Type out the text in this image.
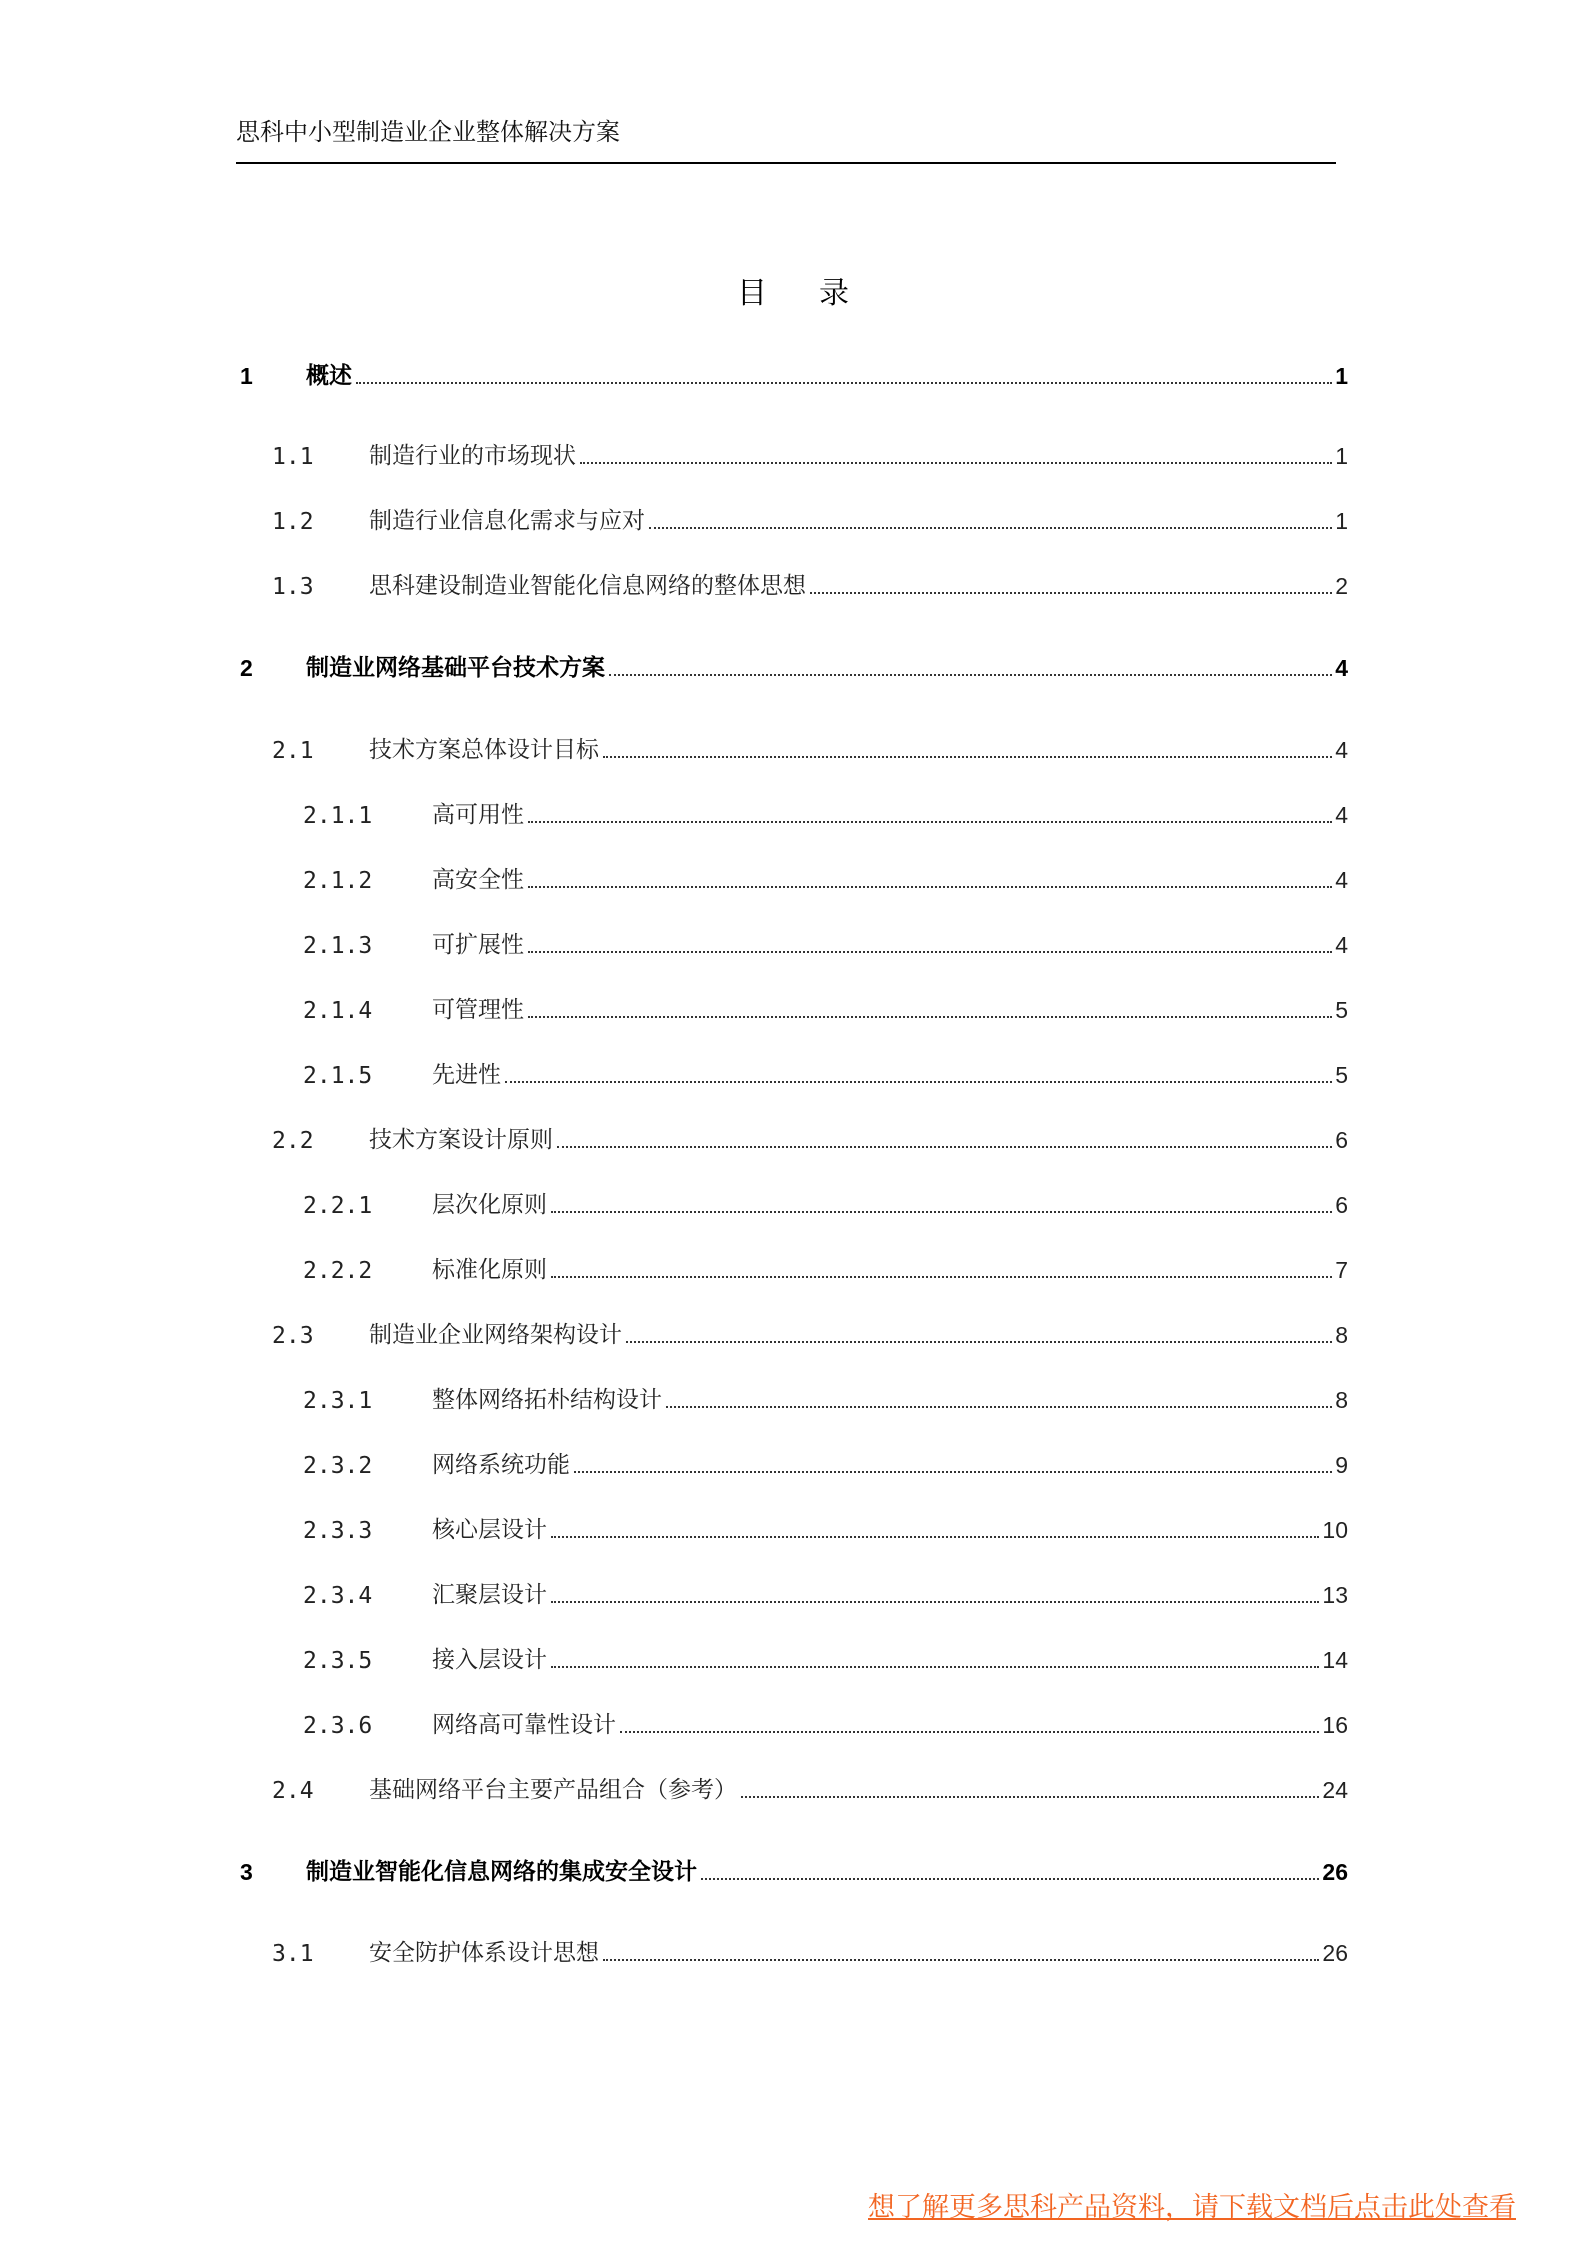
思科中小型制造业企业整体解决方案
目 录
1 概述	1
1.1 制造行业的市场现状	1
1.2 制造行业信息化需求与应对	1
1.3 思科建设制造业智能化信息网络的整体思想	2
2 制造业网络基础平台技术方案	4
2.1 技术方案总体设计目标	4
2.1.1	高可用性	4
2.1.2	高安全性	4
2.1.3	可扩展性	4
2.1.4	可管理性	5
2.1.5	先进性	5
2.2 技术方案设计原则	6
2.2.1	层次化原则	6
2.2.2	标准化原则	7
2.3 制造业企业网络架构设计	8
2.3.1	整体网络拓朴结构设计	8
2.3.2	网络系统功能	9
2.3.3	核心层设计	10
2.3.4	汇聚层设计	13
2.3.5	接入层设计	14
2.3.6	网络高可靠性设计	16
2.4 基础网络平台主要产品组合（参考）	24
3 制造业智能化信息网络的集成安全设计	26
3.1 安全防护体系设计思想	26
想了解更多思科产品资料，请下载文档后点击此处查看
